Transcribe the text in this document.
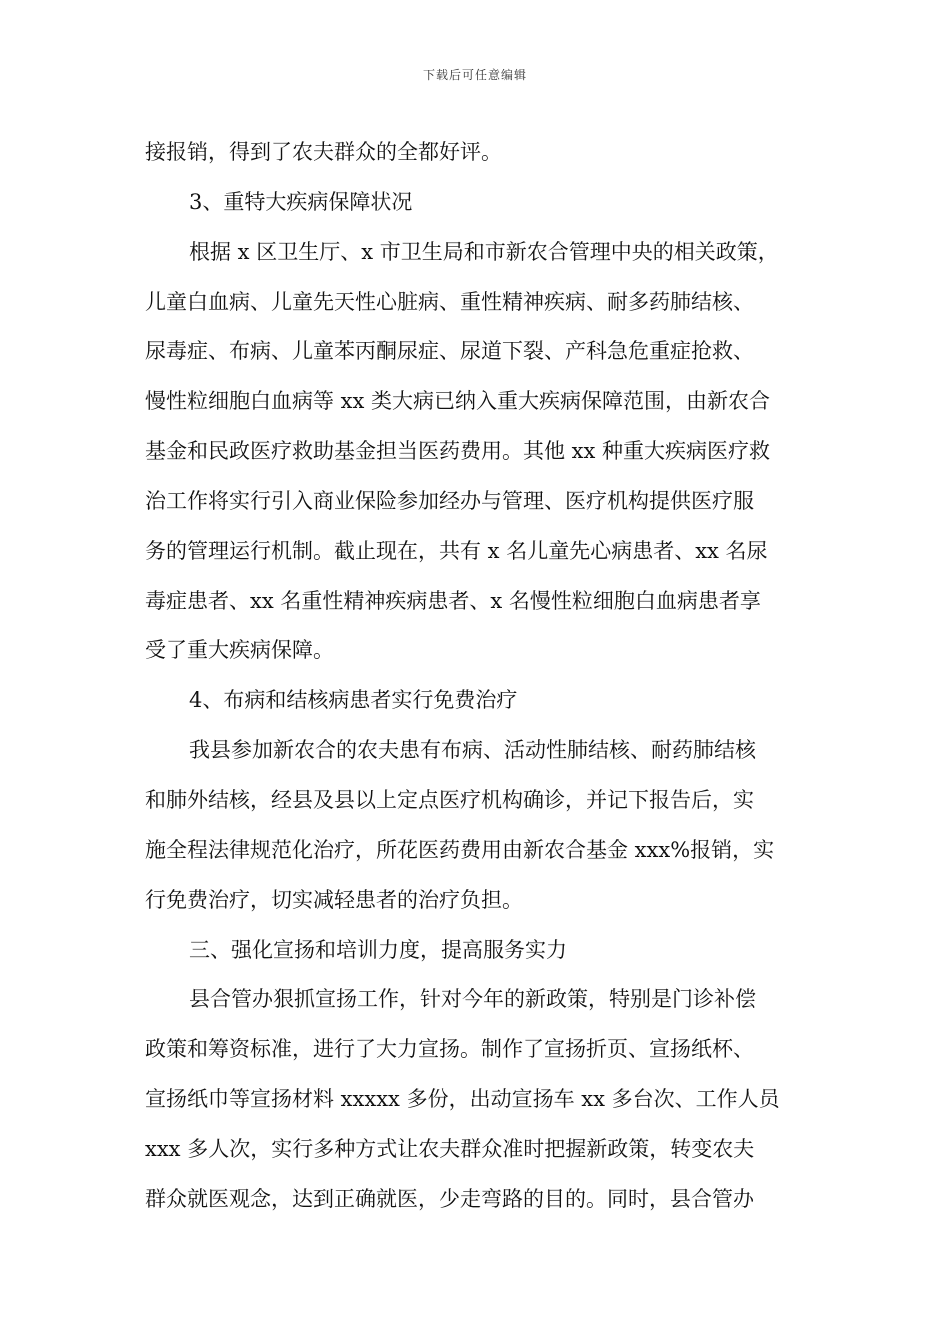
下载后可任意编辑
接报销，得到了农夫群众的全都好评。
3、重特大疾病保障状况
根据 x 区卫生厅、x 市卫生局和市新农合管理中央的相关政策，
儿童白血病、儿童先天性心脏病、重性精神疾病、耐多药肺结核、
尿毒症、布病、儿童苯丙酮尿症、尿道下裂、产科急危重症抢救、
慢性粒细胞白血病等 xx 类大病已纳入重大疾病保障范围，由新农合
基金和民政医疗救助基金担当医药费用。其他 xx 种重大疾病医疗救
治工作将实行引入商业保险参加经办与管理、医疗机构提供医疗服
务的管理运行机制。截止现在，共有 x 名儿童先心病患者、xx 名尿
毒症患者、xx 名重性精神疾病患者、x 名慢性粒细胞白血病患者享
受了重大疾病保障。
4、布病和结核病患者实行免费治疗
我县参加新农合的农夫患有布病、活动性肺结核、耐药肺结核
和肺外结核，经县及县以上定点医疗机构确诊，并记下报告后，实
施全程法律规范化治疗，所花医药费用由新农合基金 xxx%报销，实
行免费治疗，切实减轻患者的治疗负担。
三、强化宣扬和培训力度，提高服务实力
县合管办狠抓宣扬工作，针对今年的新政策，特别是门诊补偿
政策和筹资标准，进行了大力宣扬。制作了宣扬折页、宣扬纸杯、
宣扬纸巾等宣扬材料 xxxxx 多份，出动宣扬车 xx 多台次、工作人员
xxx 多人次，实行多种方式让农夫群众准时把握新政策，转变农夫
群众就医观念，达到正确就医，少走弯路的目的。同时，县合管办
